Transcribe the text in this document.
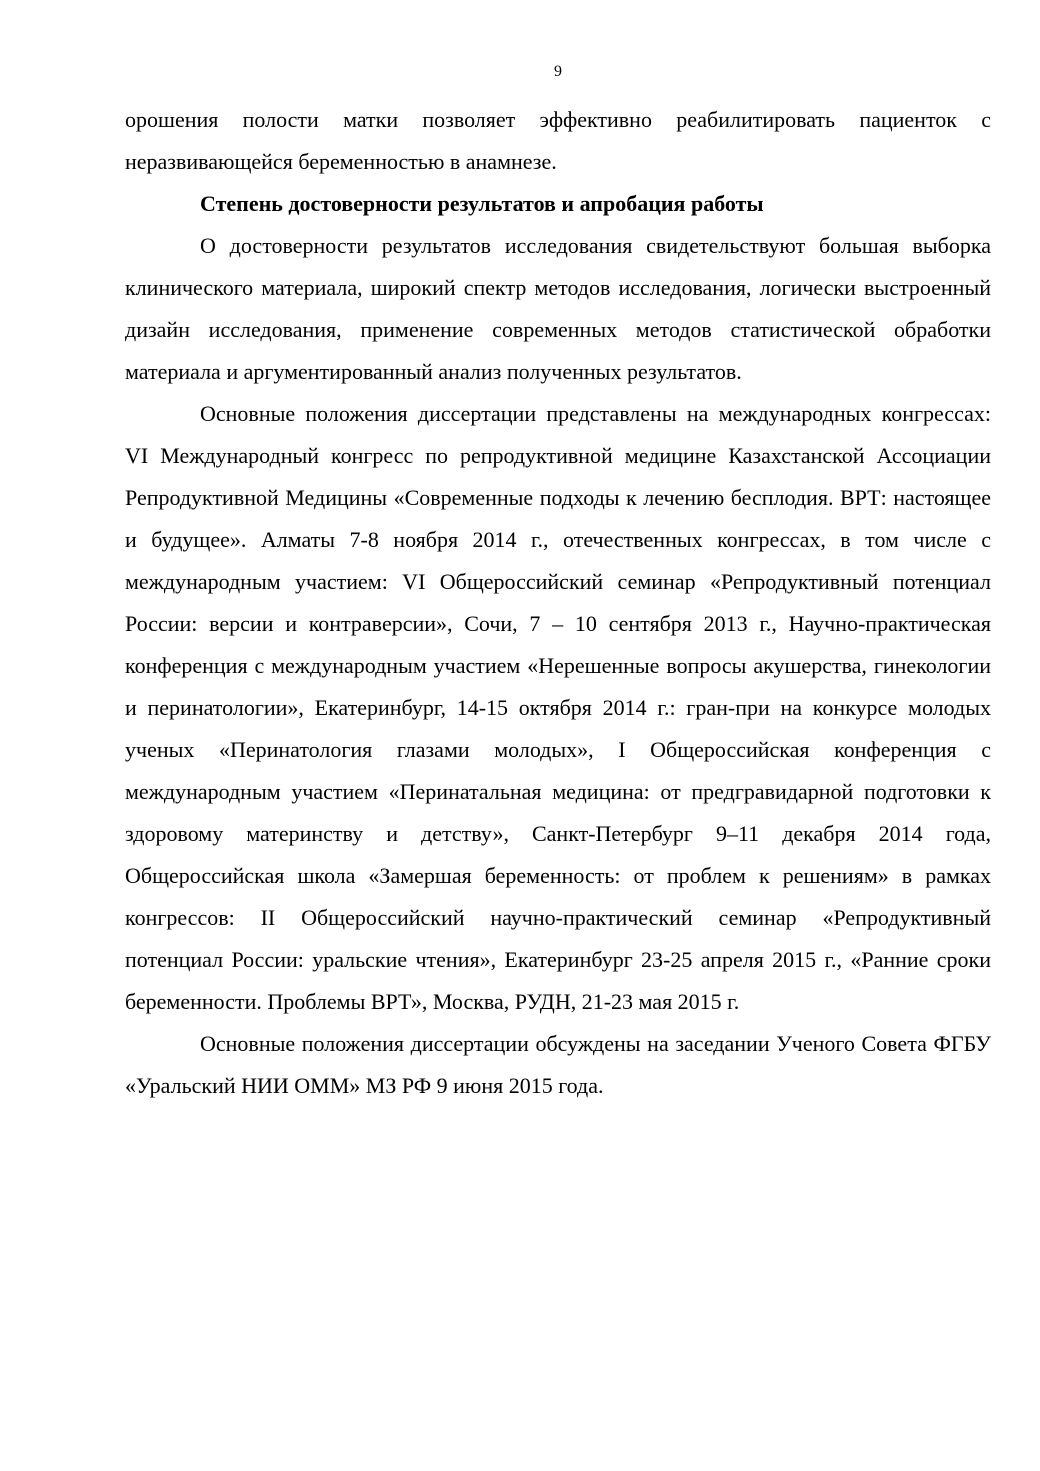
9

орошения полости матки позволяет эффективно реабилитировать пациенток с неразвивающейся беременностью в анамнезе.

Степень достоверности результатов и апробация работы

О достоверности результатов исследования свидетельствуют большая выборка клинического материала, широкий спектр методов исследования, логически выстроенный дизайн исследования, применение современных методов статистической обработки материала и аргументированный анализ полученных результатов.

Основные положения диссертации представлены на международных конгрессах: VI Международный конгресс по репродуктивной медицине Казахстанской Ассоциации Репродуктивной Медицины «Современные подходы к лечению бесплодия. ВРТ: настоящее и будущее». Алматы 7-8 ноября 2014 г., отечественных конгрессах, в том числе с международным участием: VI Общероссийский семинар «Репродуктивный потенциал России: версии и контраверсии», Сочи, 7 – 10 сентября 2013 г., Научно-практическая конференция с международным участием «Нерешенные вопросы акушерства, гинекологии и перинатологии», Екатеринбург, 14-15 октября 2014 г.: гран-при на конкурсе молодых ученых «Перинатология глазами молодых», I Общероссийская конференция с международным участием «Перинатальная медицина: от предгравидарной подготовки к здоровому материнству и детству», Санкт-Петербург 9–11 декабря 2014 года, Общероссийская школа «Замершая беременность: от проблем к решениям» в рамках конгрессов: II Общероссийский научно-практический семинар «Репродуктивный потенциал России: уральские чтения», Екатеринбург 23-25 апреля 2015 г., «Ранние сроки беременности. Проблемы ВРТ», Москва, РУДН, 21-23 мая 2015 г.

Основные положения диссертации обсуждены на заседании Ученого Совета ФГБУ «Уральский НИИ ОММ» МЗ РФ 9 июня 2015 года.
